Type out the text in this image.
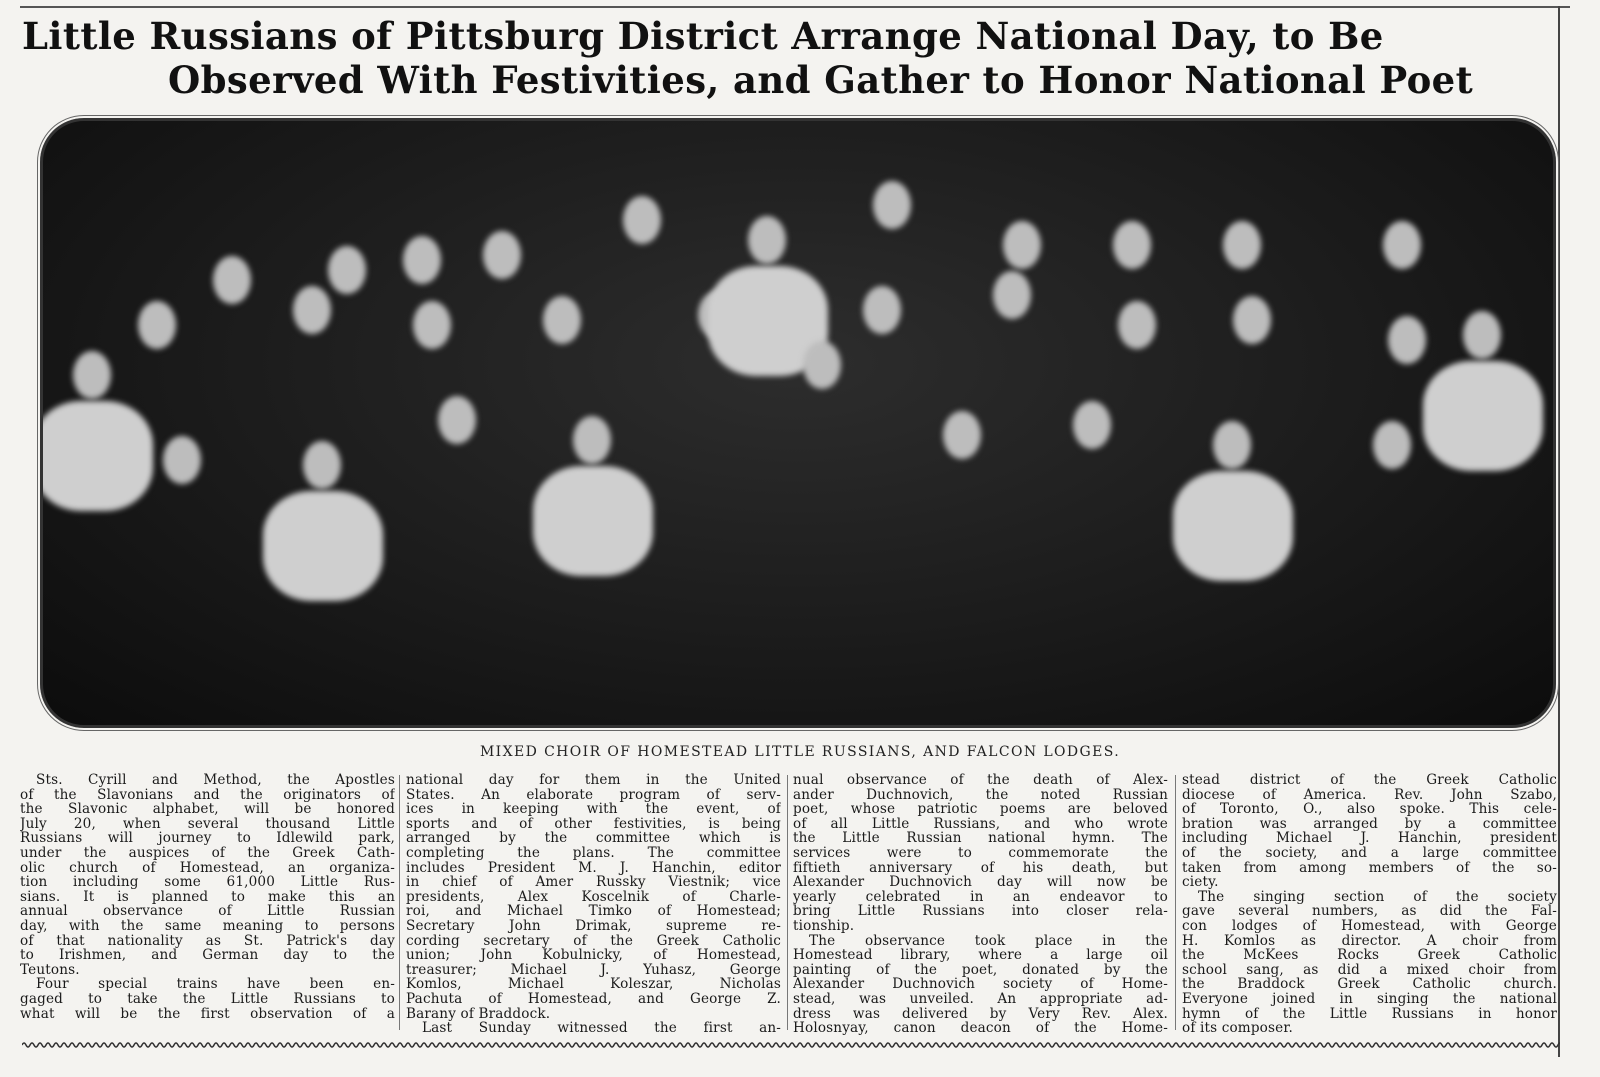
Little Russians of Pittsburg District Arrange National Day, to Be
Observed With Festivities, and Gather to Honor National Poet
MIXED CHOIR OF HOMESTEAD LITTLE RUSSIANS, AND FALCON LODGES.
Sts. Cyrill and Method, the Apostles
of the Slavonians and the originators of
the Slavonic alphabet, will be honored
July 20, when several thousand Little
Russians will journey to Idlewild park,
under the auspices of the Greek Cath-
olic church of Homestead, an organiza-
tion including some 61,000 Little Rus-
sians. It is planned to make this an
annual observance of Little Russian
day, with the same meaning to persons
of that nationality as St. Patrick's day
to Irishmen, and German day to the
Teutons.
Four special trains have been en-
gaged to take the Little Russians to
what will be the first observation of a
national day for them in the United
States. An elaborate program of serv-
ices in keeping with the event, of
sports and of other festivities, is being
arranged by the committee which is
completing the plans. The committee
includes President M. J. Hanchin, editor
in chief of Amer Russky Viestnik; vice
presidents, Alex Koscelnik of Charle-
roi, and Michael Timko of Homestead;
Secretary John Drimak, supreme re-
cording secretary of the Greek Catholic
union; John Kobulnicky, of Homestead,
treasurer; Michael J. Yuhasz, George
Komlos, Michael Koleszar, Nicholas
Pachuta of Homestead, and George Z.
Barany of Braddock.
Last Sunday witnessed the first an-
nual observance of the death of Alex-
ander Duchnovich, the noted Russian
poet, whose patriotic poems are beloved
of all Little Russians, and who wrote
the Little Russian national hymn. The
services were to commemorate the
fiftieth anniversary of his death, but
Alexander Duchnovich day will now be
yearly celebrated in an endeavor to
bring Little Russians into closer rela-
tionship.
The observance took place in the
Homestead library, where a large oil
painting of the poet, donated by the
Alexander Duchnovich society of Home-
stead, was unveiled. An appropriate ad-
dress was delivered by Very Rev. Alex.
Holosnyay, canon deacon of the Home-
stead district of the Greek Catholic
diocese of America. Rev. John Szabo,
of Toronto, O., also spoke. This cele-
bration was arranged by a committee
including Michael J. Hanchin, president
of the society, and a large committee
taken from among members of the so-
ciety.
The singing section of the society
gave several numbers, as did the Fal-
con lodges of Homestead, with George
H. Komlos as director. A choir from
the McKees Rocks Greek Catholic
school sang, as did a mixed choir from
the Braddock Greek Catholic church.
Everyone joined in singing the national
hymn of the Little Russians in honor
of its composer.
